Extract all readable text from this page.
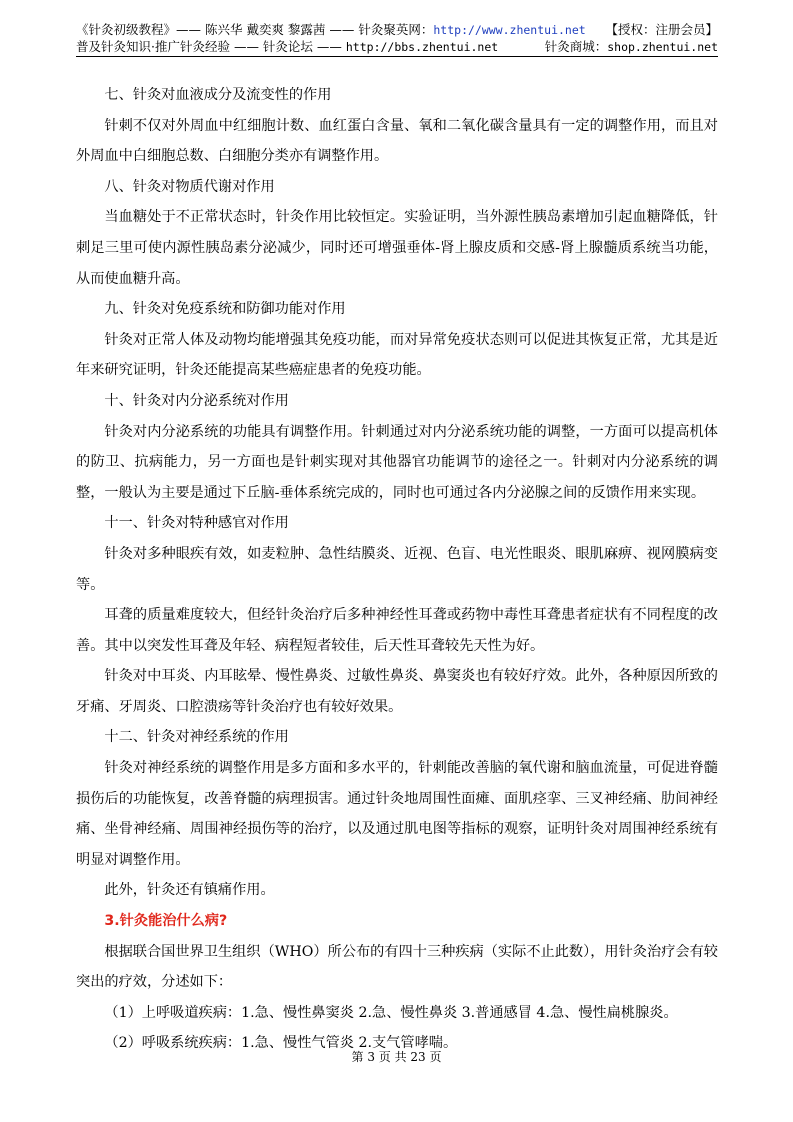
《针灸初级教程》—— 陈兴华 戴奕爽 黎露茜 —— 针灸聚英网：http://www.zhentui.net 【授权：注册会员】
普及针灸知识·推广针灸经验 —— 针灸论坛 —— http://bbs.zhentui.net	针灸商城：shop.zhentui.net

七、针灸对血液成分及流变性的作用

针刺不仅对外周血中红细胞计数、血红蛋白含量、氧和二氧化碳含量具有一定的调整作用，而且对外周血中白细胞总数、白细胞分类亦有调整作用。

八、针灸对物质代谢对作用

当血糖处于不正常状态时，针灸作用比较恒定。实验证明，当外源性胰岛素增加引起血糖降低，针刺足三里可使内源性胰岛素分泌减少，同时还可增强垂体-肾上腺皮质和交感-肾上腺髓质系统当功能，从而使血糖升高。

九、针灸对免疫系统和防御功能对作用

针灸对正常人体及动物均能增强其免疫功能，而对异常免疫状态则可以促进其恢复正常，尤其是近年来研究证明，针灸还能提高某些癌症患者的免疫功能。

十、针灸对内分泌系统对作用

针灸对内分泌系统的功能具有调整作用。针刺通过对内分泌系统功能的调整，一方面可以提高机体的防卫、抗病能力，另一方面也是针刺实现对其他器官功能调节的途径之一。针刺对内分泌系统的调整，一般认为主要是通过下丘脑-垂体系统完成的，同时也可通过各内分泌腺之间的反馈作用来实现。

十一、针灸对特种感官对作用

针灸对多种眼疾有效，如麦粒肿、急性结膜炎、近视、色盲、电光性眼炎、眼肌麻痹、视网膜病变等。

耳聋的质量难度较大，但经针灸治疗后多种神经性耳聋或药物中毒性耳聋患者症状有不同程度的改善。其中以突发性耳聋及年轻、病程短者较佳，后天性耳聋较先天性为好。

针灸对中耳炎、内耳眩晕、慢性鼻炎、过敏性鼻炎、鼻窦炎也有较好疗效。此外，各种原因所致的牙痛、牙周炎、口腔溃疡等针灸治疗也有较好效果。

十二、针灸对神经系统的作用

针灸对神经系统的调整作用是多方面和多水平的，针刺能改善脑的氧代谢和脑血流量，可促进脊髓损伤后的功能恢复，改善脊髓的病理损害。通过针灸地周围性面瘫、面肌痉挛、三叉神经痛、肋间神经痛、坐骨神经痛、周围神经损伤等的治疗，以及通过肌电图等指标的观察，证明针灸对周围神经系统有明显对调整作用。

此外，针灸还有镇痛作用。

3.针灸能治什么病?

根据联合国世界卫生组织（WHO）所公布的有四十三种疾病（实际不止此数），用针灸治疗会有较突出的疗效，分述如下：

（1）上呼吸道疾病：1.急、慢性鼻窦炎 2.急、慢性鼻炎 3.普通感冒 4.急、慢性扁桃腺炎。

（2）呼吸系统疾病：1.急、慢性气管炎 2.支气管哮喘。

第 3 页 共 23 页
